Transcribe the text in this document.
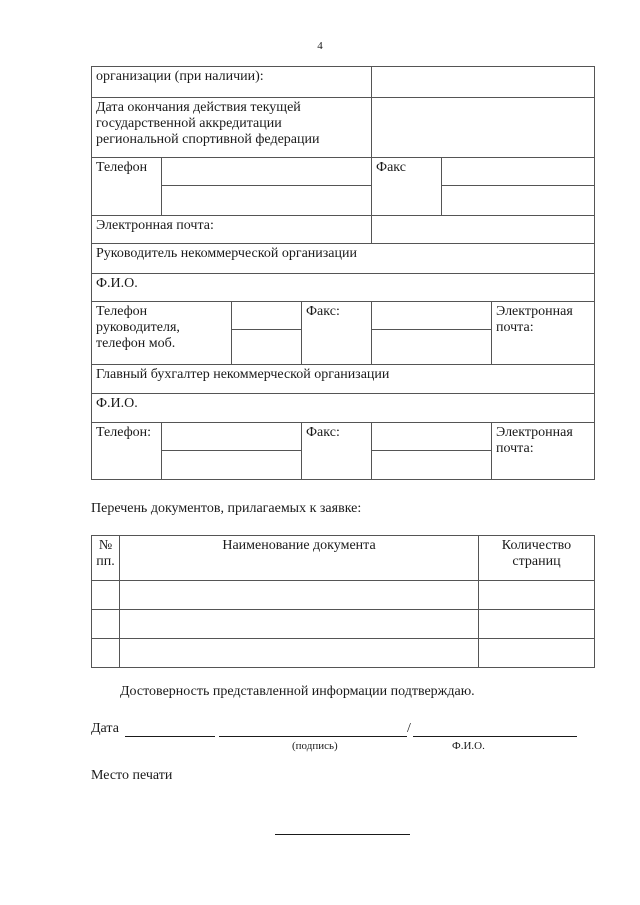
4
организации (при наличии):						
Дата окончания действия текущей государственной аккредитации региональной спортивной федерации						
Телефон				Факс		

Электронная почта:						
Руководитель некоммерческой организации						
Ф.И.О.						
Телефон руководителя, телефон моб.			Факс:			Электронная почта:

Главный бухгалтер некоммерческой организации						
Ф.И.О.						
Телефон:			Факс:			Электронная почта:

Перечень документов, прилагаемых к заявке:
№ пп.	Наименование документа	Количество страниц

Достоверность представленной информации подтверждаю.
Дата	/
(подпись)	Ф.И.О.
Место печати
